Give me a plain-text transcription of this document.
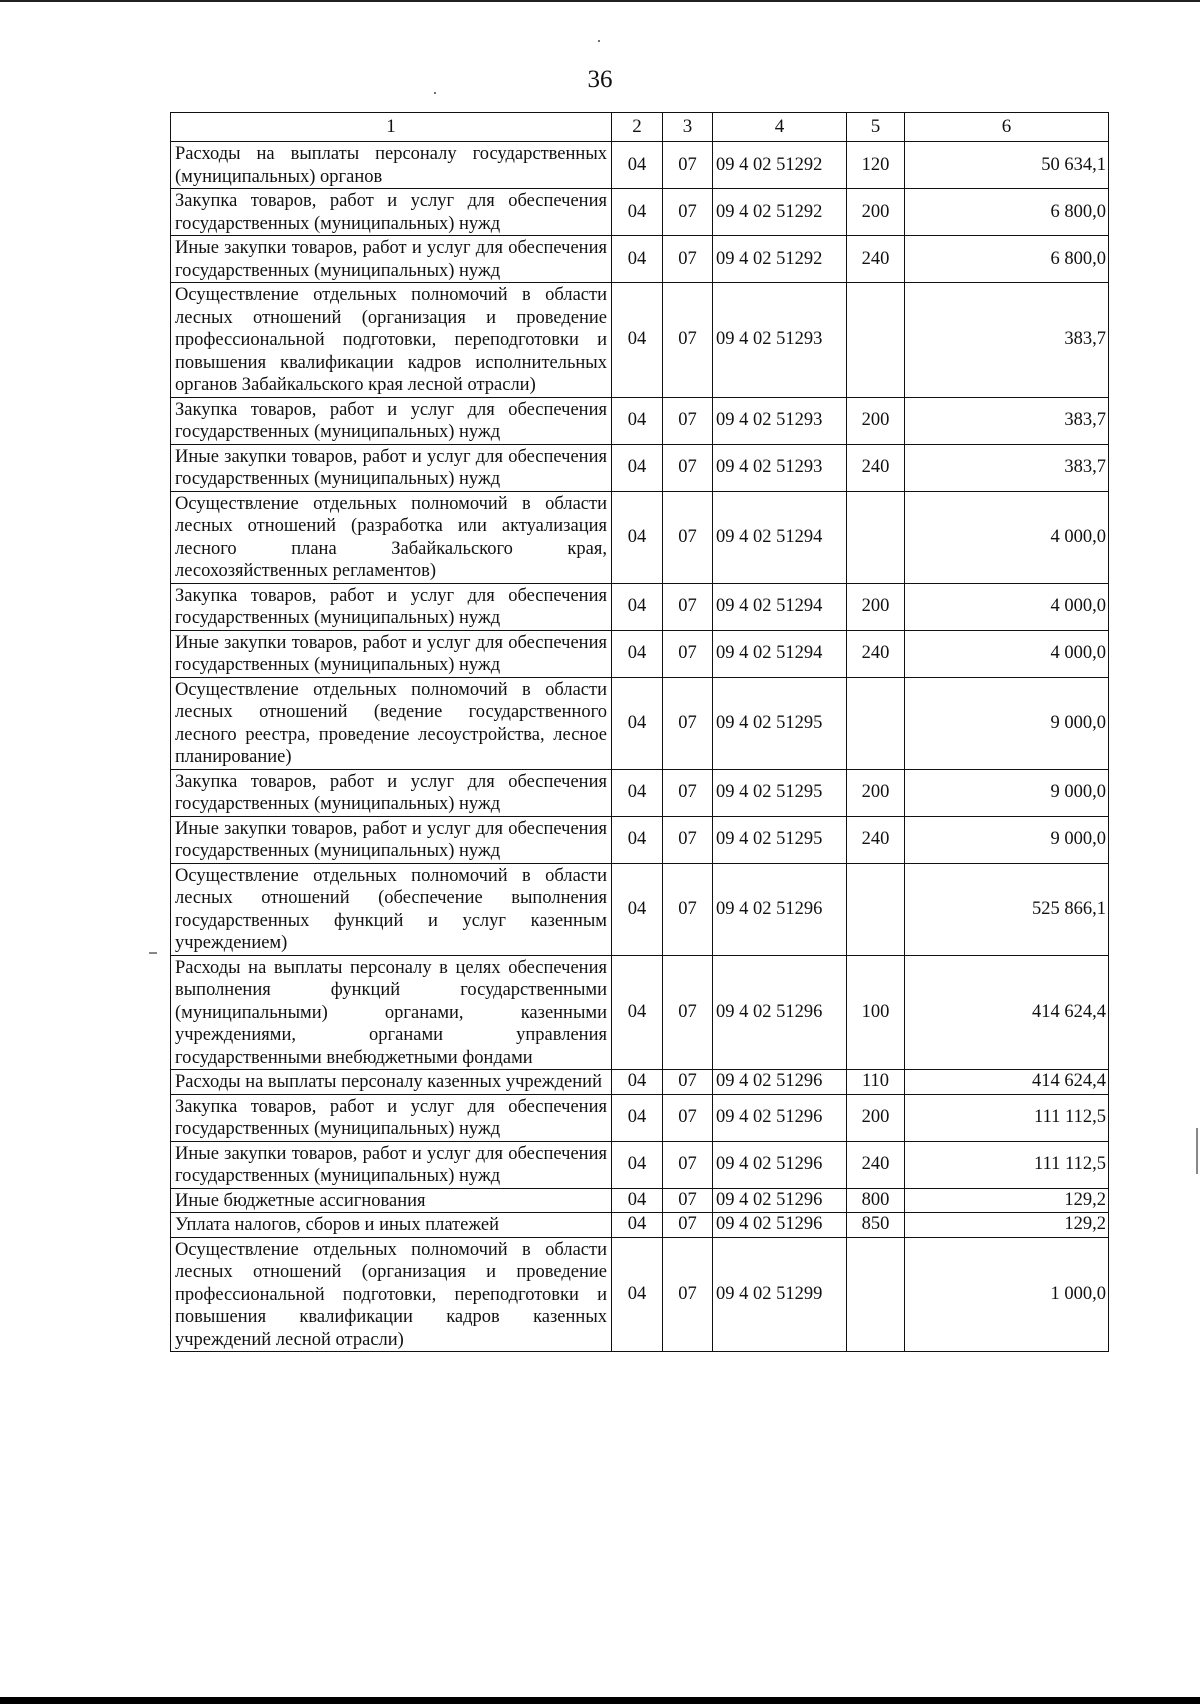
36
1	2	3	4	5	6
Расходы на выплаты персоналу государственных (муниципальных) органов	04	07	09 4 02 51292	120	50 634,1
Закупка товаров, работ и услуг для обеспечения государственных (муниципальных) нужд	04	07	09 4 02 51292	200	6 800,0
Иные закупки товаров, работ и услуг для обеспечения государственных (муниципальных) нужд	04	07	09 4 02 51292	240	6 800,0
Осуществление отдельных полномочий в области лесных отношений (организация и проведение профессиональной подготовки, переподготовки и повышения квалификации кадров исполнительных органов Забайкальского края лесной отрасли)	04	07	09 4 02 51293		383,7
Закупка товаров, работ и услуг для обеспечения государственных (муниципальных) нужд	04	07	09 4 02 51293	200	383,7
Иные закупки товаров, работ и услуг для обеспечения государственных (муниципальных) нужд	04	07	09 4 02 51293	240	383,7
Осуществление отдельных полномочий в области лесных отношений (разработка или актуализация лесного плана Забайкальского края, лесохозяйственных регламентов)	04	07	09 4 02 51294		4 000,0
Закупка товаров, работ и услуг для обеспечения государственных (муниципальных) нужд	04	07	09 4 02 51294	200	4 000,0
Иные закупки товаров, работ и услуг для обеспечения государственных (муниципальных) нужд	04	07	09 4 02 51294	240	4 000,0
Осуществление отдельных полномочий в области лесных отношений (ведение государственного лесного реестра, проведение лесоустройства, лесное планирование)	04	07	09 4 02 51295		9 000,0
Закупка товаров, работ и услуг для обеспечения государственных (муниципальных) нужд	04	07	09 4 02 51295	200	9 000,0
Иные закупки товаров, работ и услуг для обеспечения государственных (муниципальных) нужд	04	07	09 4 02 51295	240	9 000,0
Осуществление отдельных полномочий в области лесных отношений (обеспечение выполнения государственных функций и услуг казенным учреждением)	04	07	09 4 02 51296		525 866,1
Расходы на выплаты персоналу в целях обеспечения выполнения функций государственными (муниципальными) органами, казенными учреждениями, органами управления государственными внебюджетными фондами	04	07	09 4 02 51296	100	414 624,4
Расходы на выплаты персоналу казенных учреждений	04	07	09 4 02 51296	110	414 624,4
Закупка товаров, работ и услуг для обеспечения государственных (муниципальных) нужд	04	07	09 4 02 51296	200	111 112,5
Иные закупки товаров, работ и услуг для обеспечения государственных (муниципальных) нужд	04	07	09 4 02 51296	240	111 112,5
Иные бюджетные ассигнования	04	07	09 4 02 51296	800	129,2
Уплата налогов, сборов и иных платежей	04	07	09 4 02 51296	850	129,2
Осуществление отдельных полномочий в области лесных отношений (организация и проведение профессиональной подготовки, переподготовки и повышения квалификации кадров казенных учреждений лесной отрасли)	04	07	09 4 02 51299		1 000,0
